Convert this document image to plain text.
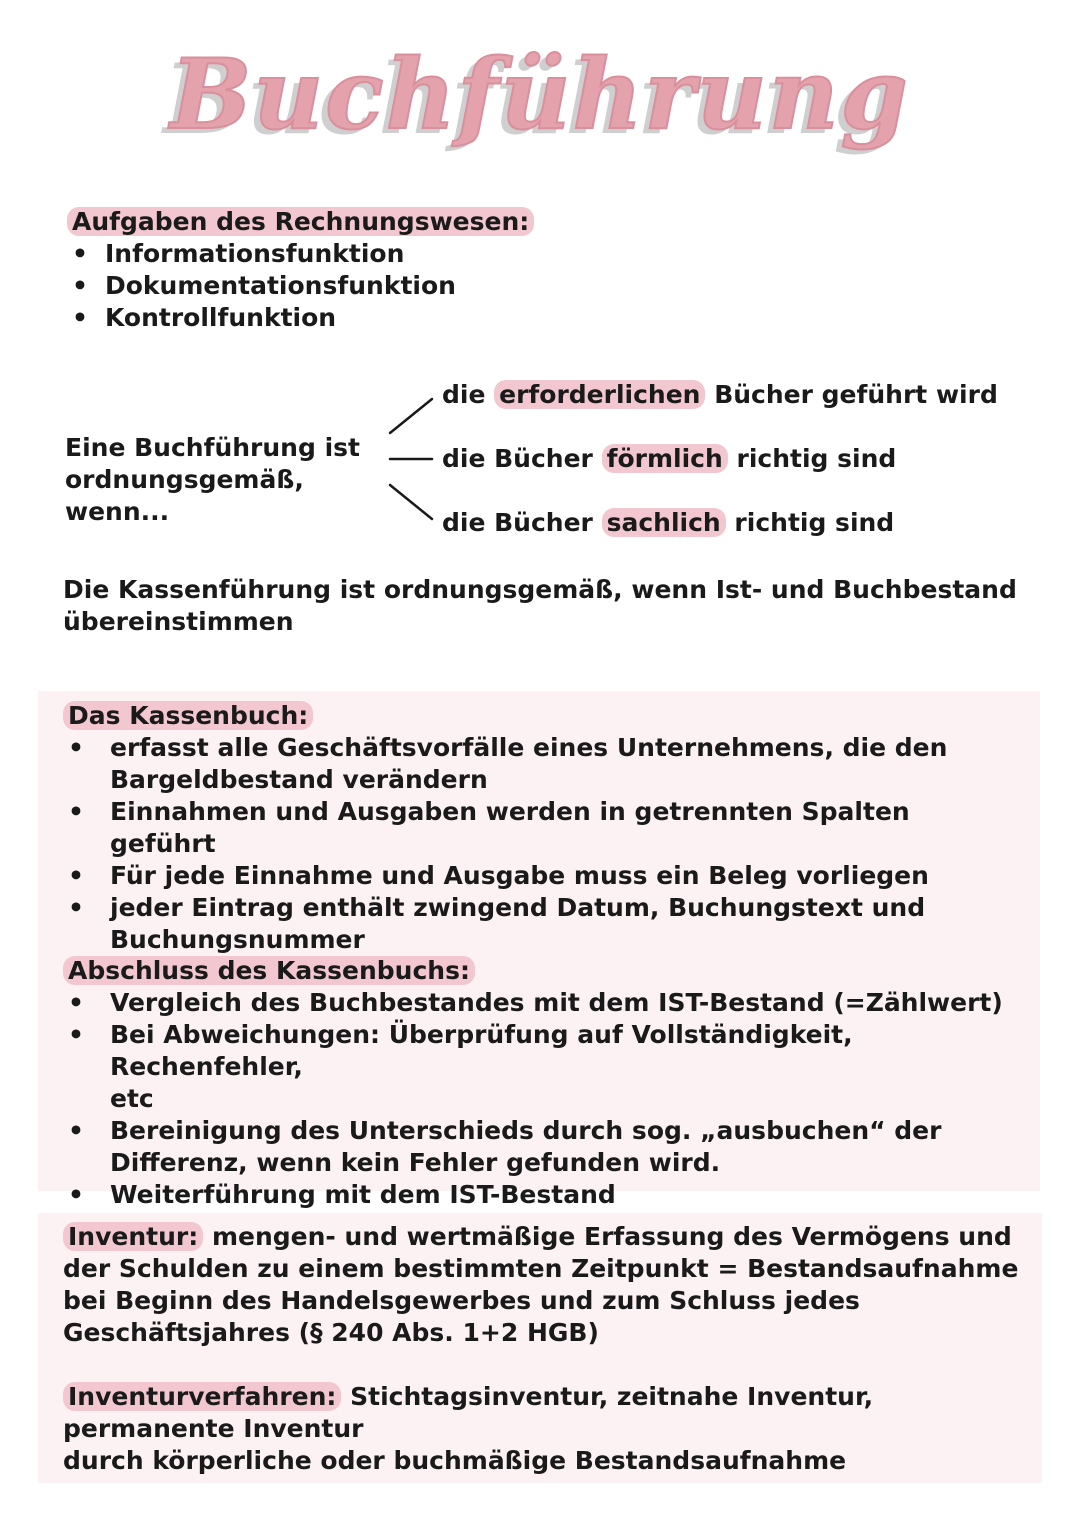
Buchführung
Aufgaben des Rechnungswesen:
• Informationsfunktion
• Dokumentationsfunktion
• Kontrollfunktion
Eine Buchführung ist
ordnungsgemäß, wenn...
die erforderlichen Bücher geführt wird
die Bücher förmlich richtig sind
die Bücher sachlich richtig sind
Die Kassenführung ist ordnungsgemäß, wenn Ist- und Buchbestand
übereinstimmen
Das Kassenbuch:
• erfasst alle Geschäftsvorfälle eines Unternehmens, die den
Bargeldbestand verändern
• Einnahmen und Ausgaben werden in getrennten Spalten geführt
• Für jede Einnahme und Ausgabe muss ein Beleg vorliegen
• jeder Eintrag enthält zwingend Datum, Buchungstext und
Buchungsnummer
Abschluss des Kassenbuchs:
• Vergleich des Buchbestandes mit dem IST-Bestand (=Zählwert)
• Bei Abweichungen: Überprüfung auf Vollständigkeit, Rechenfehler,
etc
• Bereinigung des Unterschieds durch sog. „ausbuchen“ der
Differenz, wenn kein Fehler gefunden wird.
• Weiterführung mit dem IST-Bestand
Inventur: mengen- und wertmäßige Erfassung des Vermögens und
der Schulden zu einem bestimmten Zeitpunkt = Bestandsaufnahme
bei Beginn des Handelsgewerbes und zum Schluss jedes
Geschäftsjahres (§ 240 Abs. 1+2 HGB)
Inventurverfahren: Stichtagsinventur, zeitnahe Inventur,
permanente Inventur
durch körperliche oder buchmäßige Bestandsaufnahme
